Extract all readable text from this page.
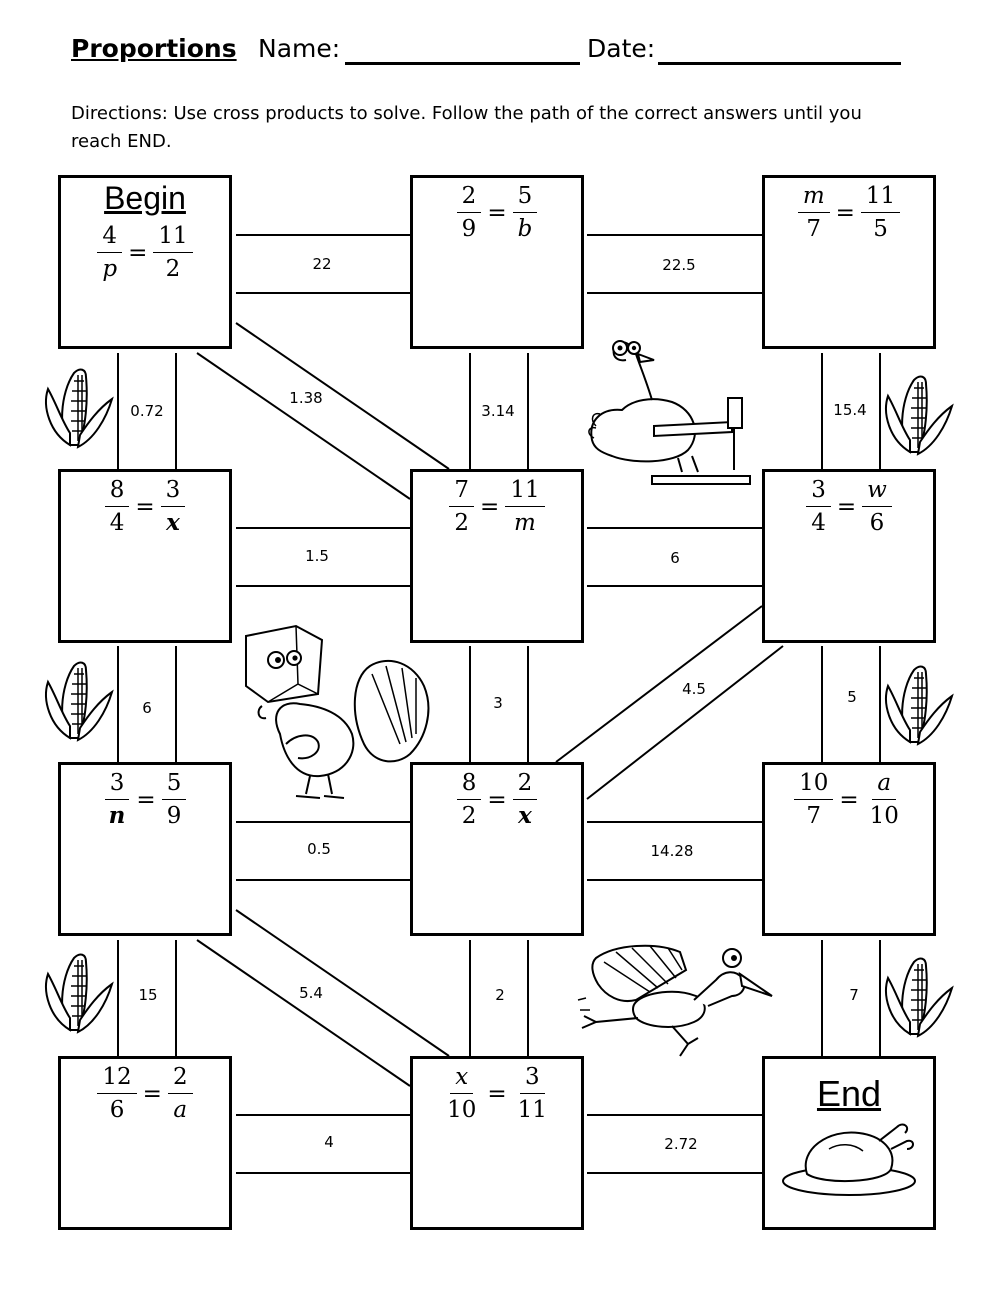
Proportions Name:	Date:
Directions: Use cross products to solve. Follow the path of the correct answers until you reach END.
22	22.5
1.5	6
0.5	14.28
4	2.72
0.72
6
15
3.14
3
2
15.4
5
7
1.38
4.5
5.4
Begin
$\frac{4}{p} = \frac{11}{2}$
$\frac{2}{9} = \frac{5}{b}$	$\frac{m}{7} = \frac{11}{5}$
$\frac{8}{4} = \frac{3}{x}$	$\frac{7}{2} = \frac{11}{m}$	$\frac{3}{4} = \frac{w}{6}$
$\frac{3}{n} = \frac{5}{9}$	$\frac{8}{2} = \frac{2}{x}$	$\frac{10}{7} = \frac{a}{10}$
$\frac{12}{6} = \frac{2}{a}$	$\frac{x}{10} = \frac{3}{11}$	End
